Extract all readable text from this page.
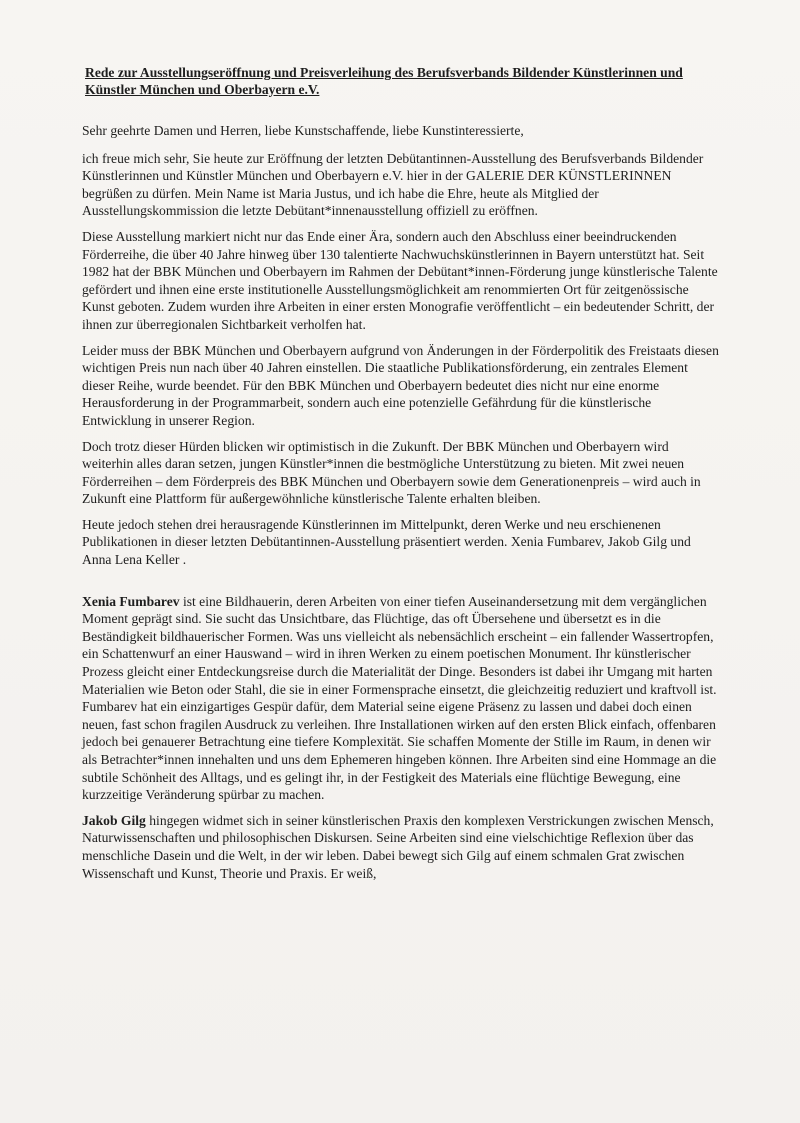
Rede zur Ausstellungseröffnung und Preisverleihung des Berufsverbands Bildender Künstlerinnen und Künstler München und Oberbayern e.V.

Sehr geehrte Damen und Herren, liebe Kunstschaffende, liebe Kunstinteressierte,

ich freue mich sehr, Sie heute zur Eröffnung der letzten Debütantinnen-Ausstellung des Berufsverbands Bildender Künstlerinnen und Künstler München und Oberbayern e.V. hier in der GALERIE DER KÜNSTLERINNEN begrüßen zu dürfen. Mein Name ist Maria Justus, und ich habe die Ehre, heute als Mitglied der Ausstellungskommission die letzte Debütant*innenausstellung offiziell zu eröffnen.

Diese Ausstellung markiert nicht nur das Ende einer Ära, sondern auch den Abschluss einer beeindruckenden Förderreihe, die über 40 Jahre hinweg über 130 talentierte Nachwuchskünstlerinnen in Bayern unterstützt hat. Seit 1982 hat der BBK München und Oberbayern im Rahmen der Debütant*innen-Förderung junge künstlerische Talente gefördert und ihnen eine erste institutionelle Ausstellungsmöglichkeit am renommierten Ort für zeitgenössische Kunst geboten. Zudem wurden ihre Arbeiten in einer ersten Monografie veröffentlicht – ein bedeutender Schritt, der ihnen zur überregionalen Sichtbarkeit verholfen hat.

Leider muss der BBK München und Oberbayern aufgrund von Änderungen in der Förderpolitik des Freistaats diesen wichtigen Preis nun nach über 40 Jahren einstellen. Die staatliche Publikationsförderung, ein zentrales Element dieser Reihe, wurde beendet. Für den BBK München und Oberbayern bedeutet dies nicht nur eine enorme Herausforderung in der Programmarbeit, sondern auch eine potenzielle Gefährdung für die künstlerische Entwicklung in unserer Region.

Doch trotz dieser Hürden blicken wir optimistisch in die Zukunft. Der BBK München und Oberbayern wird weiterhin alles daran setzen, jungen Künstler*innen die bestmögliche Unterstützung zu bieten. Mit zwei neuen Förderreihen – dem Förderpreis des BBK München und Oberbayern sowie dem Generationenpreis – wird auch in Zukunft eine Plattform für außergewöhnliche künstlerische Talente erhalten bleiben.

Heute jedoch stehen drei herausragende Künstlerinnen im Mittelpunkt, deren Werke und neu erschienenen Publikationen in dieser letzten Debütantinnen-Ausstellung präsentiert werden. Xenia Fumbarev, Jakob Gilg und Anna Lena Keller .

Xenia Fumbarev ist eine Bildhauerin, deren Arbeiten von einer tiefen Auseinandersetzung mit dem vergänglichen Moment geprägt sind. Sie sucht das Unsichtbare, das Flüchtige, das oft Übersehene und übersetzt es in die Beständigkeit bildhauerischer Formen. Was uns vielleicht als nebensächlich erscheint – ein fallender Wassertropfen, ein Schattenwurf an einer Hauswand – wird in ihren Werken zu einem poetischen Monument. Ihr künstlerischer Prozess gleicht einer Entdeckungsreise durch die Materialität der Dinge. Besonders ist dabei ihr Umgang mit harten Materialien wie Beton oder Stahl, die sie in einer Formensprache einsetzt, die gleichzeitig reduziert und kraftvoll ist. Fumbarev hat ein einzigartiges Gespür dafür, dem Material seine eigene Präsenz zu lassen und dabei doch einen neuen, fast schon fragilen Ausdruck zu verleihen. Ihre Installationen wirken auf den ersten Blick einfach, offenbaren jedoch bei genauerer Betrachtung eine tiefere Komplexität. Sie schaffen Momente der Stille im Raum, in denen wir als Betrachter*innen innehalten und uns dem Ephemeren hingeben können. Ihre Arbeiten sind eine Hommage an die subtile Schönheit des Alltags, und es gelingt ihr, in der Festigkeit des Materials eine flüchtige Bewegung, eine kurzzeitige Veränderung spürbar zu machen.

Jakob Gilg hingegen widmet sich in seiner künstlerischen Praxis den komplexen Verstrickungen zwischen Mensch, Naturwissenschaften und philosophischen Diskursen. Seine Arbeiten sind eine vielschichtige Reflexion über das menschliche Dasein und die Welt, in der wir leben. Dabei bewegt sich Gilg auf einem schmalen Grat zwischen Wissenschaft und Kunst, Theorie und Praxis. Er weiß,
